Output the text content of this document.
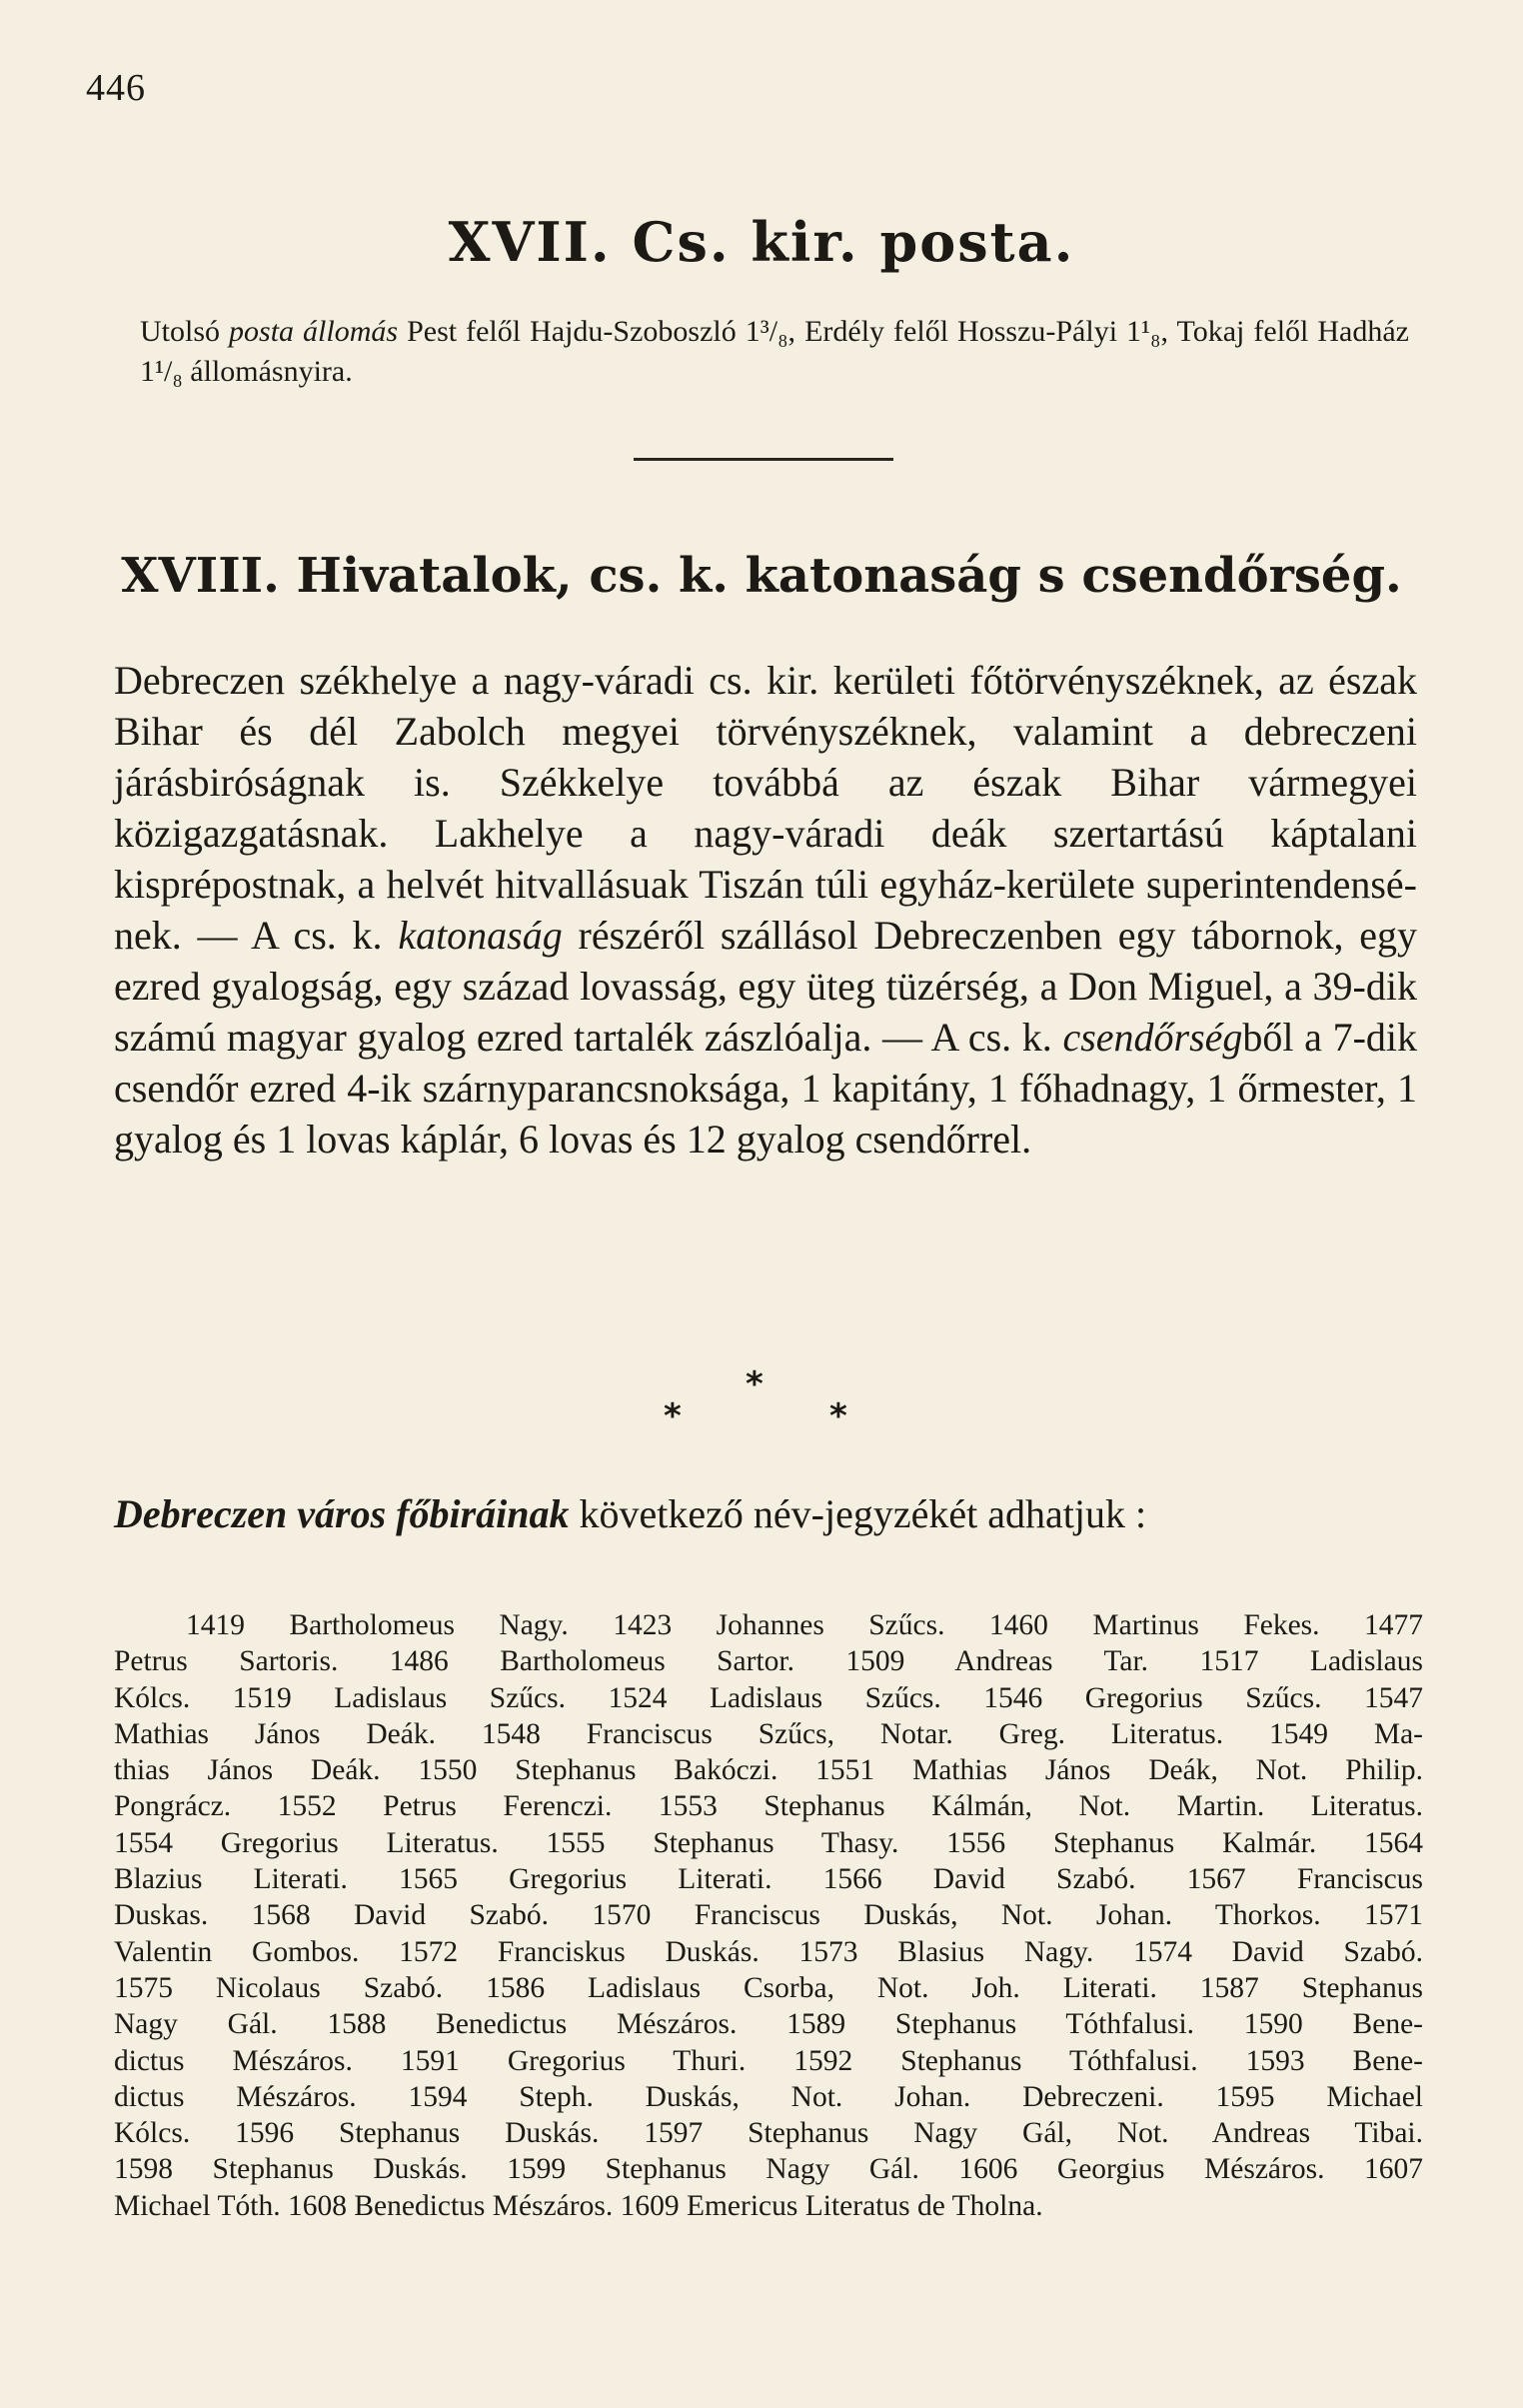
446
XVII. Cs. kir. posta.
Utolsó posta állomás Pest felől Hajdu-Szoboszló 1³/₈, Erdély felől Hosszu-Pályi 1¹₈, Tokaj felől Hadház 1¹/₈ állomásnyira.
XVIII. Hivatalok, cs. k. katonaság s csendőrség.
Debreczen székhelye a nagy-váradi cs. kir. kerületi főtörvényszéknek, az észak Bihar és dél Zabolch megyei törvényszéknek, valamint a debreczeni járásbiróságnak is. Székkelye továbbá az észak Bihar vármegyei közigazgatásnak. Lakhelye a nagy-váradi deák szertartású káptalani kisprépostnak, a helvét hitvallásuak Tiszán túli egyház-kerülete superintendensének. — A cs. k. katonaság részéről szállásol Debreczenben egy tábornok, egy ezred gyalogság, egy század lovasság, egy üteg tüzérség, a Don Miguel, a 39-dik számú magyar gyalog ezred tartalék zászlóalja. — A cs. k. csendőrségből a 7-dik csendőr ezred 4-ik szárnyparancsnoksága, 1 kapitány, 1 főhadnagy, 1 őrmester, 1 gyalog és 1 lovas káplár, 6 lovas és 12 gyalog csendőrrel.
*
*	*
Debreczen város főbiráinak következő név-jegyzékét adhatjuk :
1419 Bartholomeus Nagy. 1423 Johannes Szűcs. 1460 Martinus Fekes. 1477
Petrus Sartoris. 1486 Bartholomeus Sartor. 1509 Andreas Tar. 1517 Ladislaus
Kólcs. 1519 Ladislaus Szűcs. 1524 Ladislaus Szűcs. 1546 Gregorius Szűcs. 1547
Mathias János Deák. 1548 Franciscus Szűcs, Notar. Greg. Literatus. 1549 Ma-
thias János Deák. 1550 Stephanus Bakóczi. 1551 Mathias János Deák, Not. Philip.
Pongrácz. 1552 Petrus Ferenczi. 1553 Stephanus Kálmán, Not. Martin. Literatus.
1554 Gregorius Literatus. 1555 Stephanus Thasy. 1556 Stephanus Kalmár. 1564
Blazius Literati. 1565 Gregorius Literati. 1566 David Szabó. 1567 Franciscus
Duskas. 1568 David Szabó. 1570 Franciscus Duskás, Not. Johan. Thorkos. 1571
Valentin Gombos. 1572 Franciskus Duskás. 1573 Blasius Nagy. 1574 David Szabó.
1575 Nicolaus Szabó. 1586 Ladislaus Csorba, Not. Joh. Literati. 1587 Stephanus
Nagy Gál. 1588 Benedictus Mészáros. 1589 Stephanus Tóthfalusi. 1590 Bene-
dictus Mészáros. 1591 Gregorius Thuri. 1592 Stephanus Tóthfalusi. 1593 Bene-
dictus Mészáros. 1594 Steph. Duskás, Not. Johan. Debreczeni. 1595 Michael
Kólcs. 1596 Stephanus Duskás. 1597 Stephanus Nagy Gál, Not. Andreas Tibai.
1598 Stephanus Duskás. 1599 Stephanus Nagy Gál. 1606 Georgius Mészáros. 1607
Michael Tóth. 1608 Benedictus Mészáros. 1609 Emericus Literatus de Tholna.
